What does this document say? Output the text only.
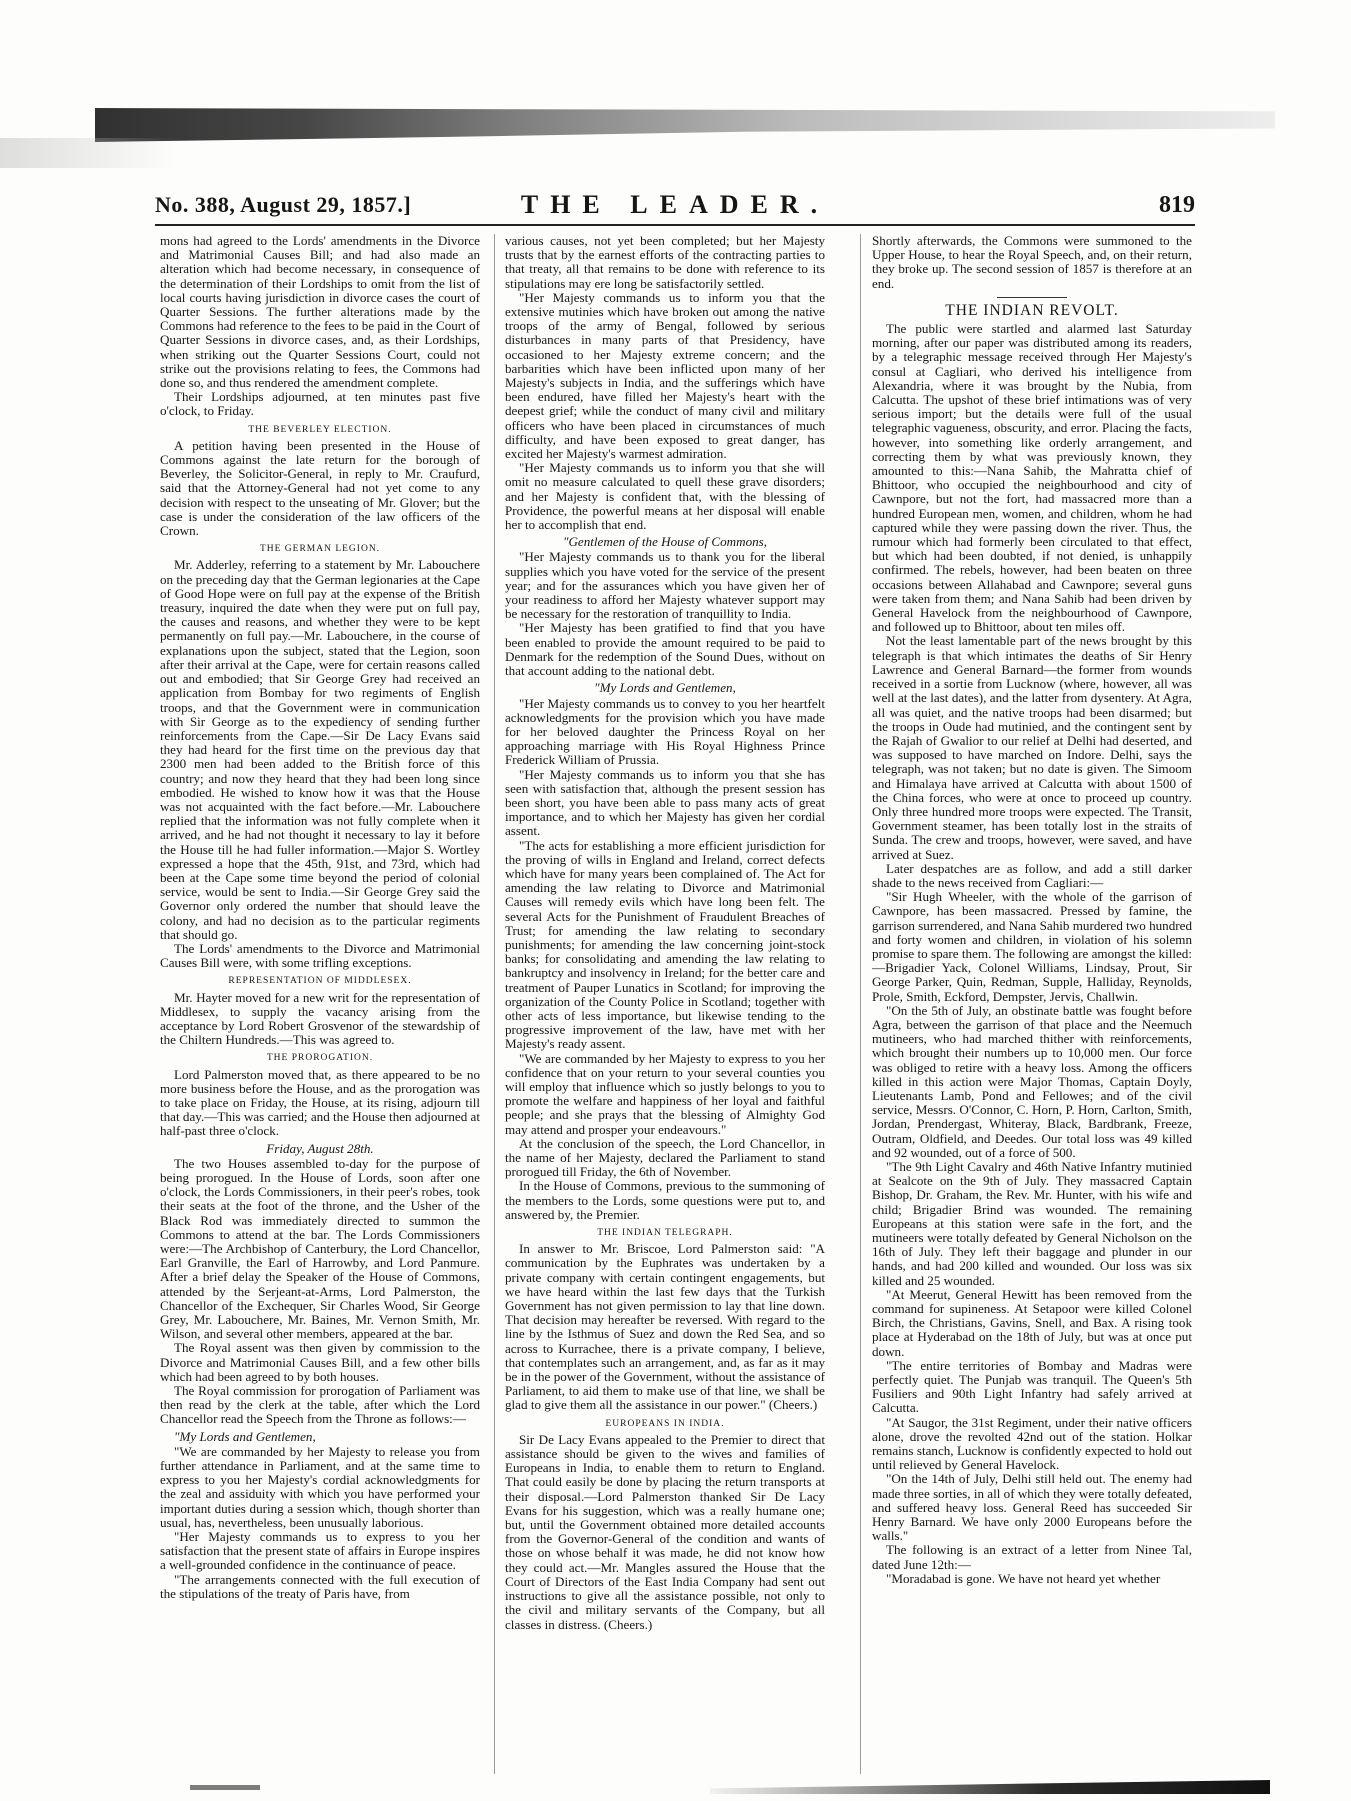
No. 388, August 29, 1857.]	THE LEADER.	819

mons had agreed to the Lords' amendments in the Divorce and Matrimonial Causes Bill; and had also made an alteration which had become necessary, in consequence of the determination of their Lordships to omit from the list of local courts having jurisdiction in divorce cases the court of Quarter Sessions. The further alterations made by the Commons had reference to the fees to be paid in the Court of Quarter Sessions in divorce cases, and, as their Lordships, when striking out the Quarter Sessions Court, could not strike out the provisions relating to fees, the Commons had done so, and thus rendered the amendment complete.

Their Lordships adjourned, at ten minutes past five o'clock, to Friday.

THE BEVERLEY ELECTION.

A petition having been presented in the House of Commons against the late return for the borough of Beverley, the Solicitor-General, in reply to Mr. Craufurd, said that the Attorney-General had not yet come to any decision with respect to the unseating of Mr. Glover; but the case is under the consideration of the law officers of the Crown.

THE GERMAN LEGION.

Mr. Adderley, referring to a statement by Mr. Labouchere on the preceding day that the German legionaries at the Cape of Good Hope were on full pay at the expense of the British treasury, inquired the date when they were put on full pay, the causes and reasons, and whether they were to be kept permanently on full pay.—Mr. Labouchere, in the course of explanations upon the subject, stated that the Legion, soon after their arrival at the Cape, were for certain reasons called out and embodied; that Sir George Grey had received an application from Bombay for two regiments of English troops, and that the Government were in communication with Sir George as to the expediency of sending further reinforcements from the Cape.—Sir De Lacy Evans said they had heard for the first time on the previous day that 2300 men had been added to the British force of this country; and now they heard that they had been long since embodied. He wished to know how it was that the House was not acquainted with the fact before.—Mr. Labouchere replied that the information was not fully complete when it arrived, and he had not thought it necessary to lay it before the House till he had fuller information.—Major S. Wortley expressed a hope that the 45th, 91st, and 73rd, which had been at the Cape some time beyond the period of colonial service, would be sent to India.—Sir George Grey said the Governor only ordered the number that should leave the colony, and had no decision as to the particular regiments that should go.

The Lords' amendments to the Divorce and Matrimonial Causes Bill were, with some trifling exceptions.

REPRESENTATION OF MIDDLESEX.

Mr. Hayter moved for a new writ for the representation of Middlesex, to supply the vacancy arising from the acceptance by Lord Robert Grosvenor of the stewardship of the Chiltern Hundreds.—This was agreed to.

THE PROROGATION.

Lord Palmerston moved that, as there appeared to be no more business before the House, and as the prorogation was to take place on Friday, the House, at its rising, adjourn till that day.—This was carried; and the House then adjourned at half-past three o'clock.

Friday, August 28th.

The two Houses assembled to-day for the purpose of being prorogued. In the House of Lords, soon after one o'clock, the Lords Commissioners, in their peer's robes, took their seats at the foot of the throne, and the Usher of the Black Rod was immediately directed to summon the Commons to attend at the bar. The Lords Commissioners were:—The Archbishop of Canterbury, the Lord Chancellor, Earl Granville, the Earl of Harrowby, and Lord Panmure. After a brief delay the Speaker of the House of Commons, attended by the Serjeant-at-Arms, Lord Palmerston, the Chancellor of the Exchequer, Sir Charles Wood, Sir George Grey, Mr. Labouchere, Mr. Baines, Mr. Vernon Smith, Mr. Wilson, and several other members, appeared at the bar.

The Royal assent was then given by commission to the Divorce and Matrimonial Causes Bill, and a few other bills which had been agreed to by both houses.

The Royal commission for prorogation of Parliament was then read by the clerk at the table, after which the Lord Chancellor read the Speech from the Throne as follows:—

"My Lords and Gentlemen,

"We are commanded by her Majesty to release you from further attendance in Parliament, and at the same time to express to you her Majesty's cordial acknowledgments for the zeal and assiduity with which you have performed your important duties during a session which, though shorter than usual, has, nevertheless, been unusually laborious.

"Her Majesty commands us to express to you her satisfaction that the present state of affairs in Europe inspires a well-grounded confidence in the continuance of peace.

"The arrangements connected with the full execution of the stipulations of the treaty of Paris have, from

various causes, not yet been completed; but her Majesty trusts that by the earnest efforts of the contracting parties to that treaty, all that remains to be done with reference to its stipulations may ere long be satisfactorily settled.

"Her Majesty commands us to inform you that the extensive mutinies which have broken out among the native troops of the army of Bengal, followed by serious disturbances in many parts of that Presidency, have occasioned to her Majesty extreme concern; and the barbarities which have been inflicted upon many of her Majesty's subjects in India, and the sufferings which have been endured, have filled her Majesty's heart with the deepest grief; while the conduct of many civil and military officers who have been placed in circumstances of much difficulty, and have been exposed to great danger, has excited her Majesty's warmest admiration.

"Her Majesty commands us to inform you that she will omit no measure calculated to quell these grave disorders; and her Majesty is confident that, with the blessing of Providence, the powerful means at her disposal will enable her to accomplish that end.

"Gentlemen of the House of Commons,

"Her Majesty commands us to thank you for the liberal supplies which you have voted for the service of the present year; and for the assurances which you have given her of your readiness to afford her Majesty whatever support may be necessary for the restoration of tranquillity to India.

"Her Majesty has been gratified to find that you have been enabled to provide the amount required to be paid to Denmark for the redemption of the Sound Dues, without on that account adding to the national debt.

"My Lords and Gentlemen,

"Her Majesty commands us to convey to you her heartfelt acknowledgments for the provision which you have made for her beloved daughter the Princess Royal on her approaching marriage with His Royal Highness Prince Frederick William of Prussia.

"Her Majesty commands us to inform you that she has seen with satisfaction that, although the present session has been short, you have been able to pass many acts of great importance, and to which her Majesty has given her cordial assent.

"The acts for establishing a more efficient jurisdiction for the proving of wills in England and Ireland, correct defects which have for many years been complained of. The Act for amending the law relating to Divorce and Matrimonial Causes will remedy evils which have long been felt. The several Acts for the Punishment of Fraudulent Breaches of Trust; for amending the law relating to secondary punishments; for amending the law concerning joint-stock banks; for consolidating and amending the law relating to bankruptcy and insolvency in Ireland; for the better care and treatment of Pauper Lunatics in Scotland; for improving the organization of the County Police in Scotland; together with other acts of less importance, but likewise tending to the progressive improvement of the law, have met with her Majesty's ready assent.

"We are commanded by her Majesty to express to you her confidence that on your return to your several counties you will employ that influence which so justly belongs to you to promote the welfare and happiness of her loyal and faithful people; and she prays that the blessing of Almighty God may attend and prosper your endeavours."

At the conclusion of the speech, the Lord Chancellor, in the name of her Majesty, declared the Parliament to stand prorogued till Friday, the 6th of November.

In the House of Commons, previous to the summoning of the members to the Lords, some questions were put to, and answered by, the Premier.

THE INDIAN TELEGRAPH.

In answer to Mr. Briscoe, Lord Palmerston said: "A communication by the Euphrates was undertaken by a private company with certain contingent engagements, but we have heard within the last few days that the Turkish Government has not given permission to lay that line down. That decision may hereafter be reversed. With regard to the line by the Isthmus of Suez and down the Red Sea, and so across to Kurrachee, there is a private company, I believe, that contemplates such an arrangement, and, as far as it may be in the power of the Government, without the assistance of Parliament, to aid them to make use of that line, we shall be glad to give them all the assistance in our power." (Cheers.)

EUROPEANS IN INDIA.

Sir De Lacy Evans appealed to the Premier to direct that assistance should be given to the wives and families of Europeans in India, to enable them to return to England. That could easily be done by placing the return transports at their disposal.—Lord Palmerston thanked Sir De Lacy Evans for his suggestion, which was a really humane one; but, until the Government obtained more detailed accounts from the Governor-General of the condition and wants of those on whose behalf it was made, he did not know how they could act.—Mr. Mangles assured the House that the Court of Directors of the East India Company had sent out instructions to give all the assistance possible, not only to the civil and military servants of the Company, but all classes in distress. (Cheers.)

Shortly afterwards, the Commons were summoned to the Upper House, to hear the Royal Speech, and, on their return, they broke up. The second session of 1857 is therefore at an end.

THE INDIAN REVOLT.

The public were startled and alarmed last Saturday morning, after our paper was distributed among its readers, by a telegraphic message received through Her Majesty's consul at Cagliari, who derived his intelligence from Alexandria, where it was brought by the Nubia, from Calcutta. The upshot of these brief intimations was of very serious import; but the details were full of the usual telegraphic vagueness, obscurity, and error. Placing the facts, however, into something like orderly arrangement, and correcting them by what was previously known, they amounted to this:—Nana Sahib, the Mahratta chief of Bhittoor, who occupied the neighbourhood and city of Cawnpore, but not the fort, had massacred more than a hundred European men, women, and children, whom he had captured while they were passing down the river. Thus, the rumour which had formerly been circulated to that effect, but which had been doubted, if not denied, is unhappily confirmed. The rebels, however, had been beaten on three occasions between Allahabad and Cawnpore; several guns were taken from them; and Nana Sahib had been driven by General Havelock from the neighbourhood of Cawnpore, and followed up to Bhittoor, about ten miles off.

Not the least lamentable part of the news brought by this telegraph is that which intimates the deaths of Sir Henry Lawrence and General Barnard—the former from wounds received in a sortie from Lucknow (where, however, all was well at the last dates), and the latter from dysentery. At Agra, all was quiet, and the native troops had been disarmed; but the troops in Oude had mutinied, and the contingent sent by the Rajah of Gwalior to our relief at Delhi had deserted, and was supposed to have marched on Indore. Delhi, says the telegraph, was not taken; but no date is given. The Simoom and Himalaya have arrived at Calcutta with about 1500 of the China forces, who were at once to proceed up country. Only three hundred more troops were expected. The Transit, Government steamer, has been totally lost in the straits of Sunda. The crew and troops, however, were saved, and have arrived at Suez.

Later despatches are as follow, and add a still darker shade to the news received from Cagliari:—

"Sir Hugh Wheeler, with the whole of the garrison of Cawnpore, has been massacred. Pressed by famine, the garrison surrendered, and Nana Sahib murdered two hundred and forty women and children, in violation of his solemn promise to spare them. The following are amongst the killed:—Brigadier Yack, Colonel Williams, Lindsay, Prout, Sir George Parker, Quin, Redman, Supple, Halliday, Reynolds, Prole, Smith, Eckford, Dempster, Jervis, Challwin.

"On the 5th of July, an obstinate battle was fought before Agra, between the garrison of that place and the Neemuch mutineers, who had marched thither with reinforcements, which brought their numbers up to 10,000 men. Our force was obliged to retire with a heavy loss. Among the officers killed in this action were Major Thomas, Captain Doyly, Lieutenants Lamb, Pond and Fellowes; and of the civil service, Messrs. O'Connor, C. Horn, P. Horn, Carlton, Smith, Jordan, Prendergast, Whiteray, Black, Bardbrank, Freeze, Outram, Oldfield, and Deedes. Our total loss was 49 killed and 92 wounded, out of a force of 500.

"The 9th Light Cavalry and 46th Native Infantry mutinied at Sealcote on the 9th of July. They massacred Captain Bishop, Dr. Graham, the Rev. Mr. Hunter, with his wife and child; Brigadier Brind was wounded. The remaining Europeans at this station were safe in the fort, and the mutineers were totally defeated by General Nicholson on the 16th of July. They left their baggage and plunder in our hands, and had 200 killed and wounded. Our loss was six killed and 25 wounded.

"At Meerut, General Hewitt has been removed from the command for supineness. At Setapoor were killed Colonel Birch, the Christians, Gavins, Snell, and Bax. A rising took place at Hyderabad on the 18th of July, but was at once put down.

"The entire territories of Bombay and Madras were perfectly quiet. The Punjab was tranquil. The Queen's 5th Fusiliers and 90th Light Infantry had safely arrived at Calcutta.

"At Saugor, the 31st Regiment, under their native officers alone, drove the revolted 42nd out of the station. Holkar remains stanch, Lucknow is confidently expected to hold out until relieved by General Havelock.

"On the 14th of July, Delhi still held out. The enemy had made three sorties, in all of which they were totally defeated, and suffered heavy loss. General Reed has succeeded Sir Henry Barnard. We have only 2000 Europeans before the walls."

The following is an extract of a letter from Ninee Tal, dated June 12th:—

"Moradabad is gone. We have not heard yet whether
